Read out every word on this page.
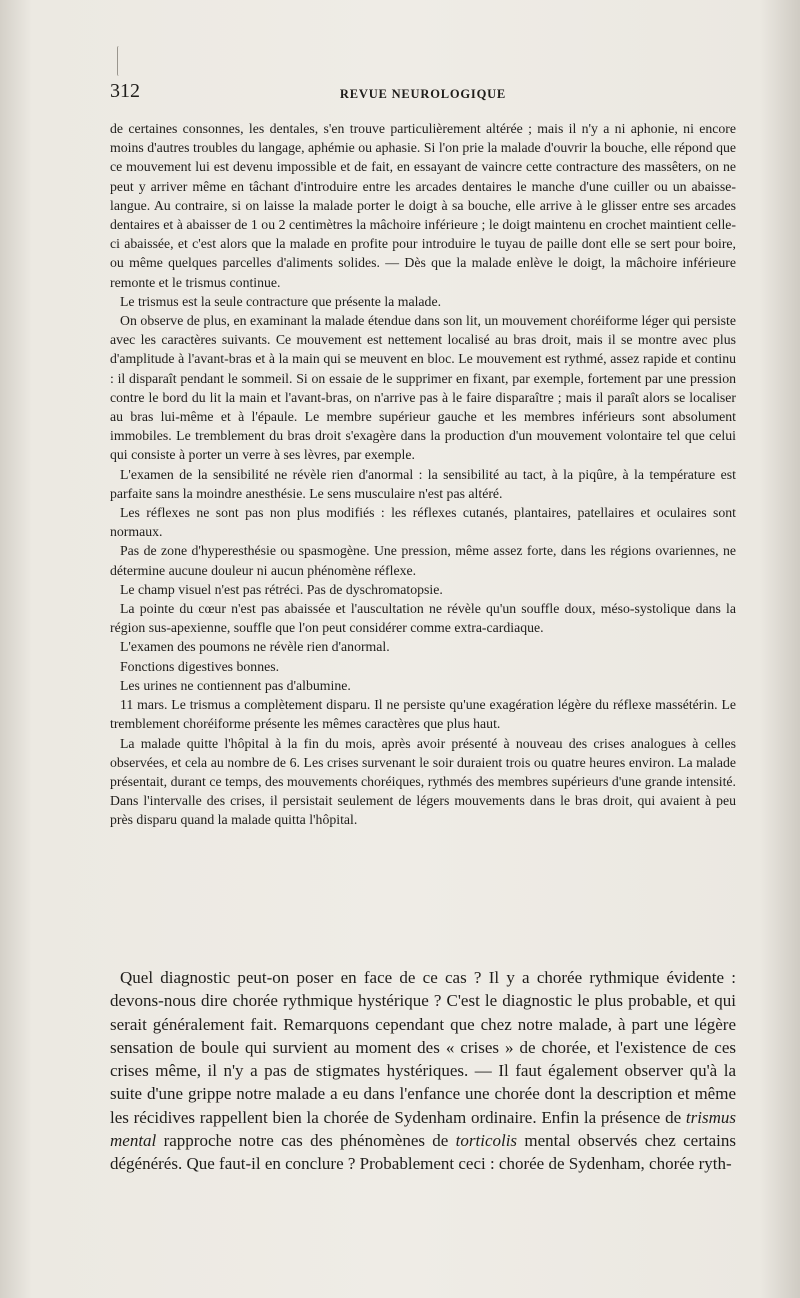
312	REVUE NEUROLOGIQUE

de certaines consonnes, les dentales, s'en trouve particulièrement altérée ; mais il n'y a ni aphonie, ni encore moins d'autres troubles du langage, aphémie ou aphasie. Si l'on prie la malade d'ouvrir la bouche, elle répond que ce mouvement lui est devenu impossible et de fait, en essayant de vaincre cette contracture des massêters, on ne peut y arriver même en tâchant d'introduire entre les arcades dentaires le manche d'une cuiller ou un abaisse-langue. Au contraire, si on laisse la malade porter le doigt à sa bouche, elle arrive à le glisser entre ses arcades dentaires et à abaisser de 1 ou 2 centimètres la mâchoire inférieure ; le doigt maintenu en crochet maintient celle-ci abaissée, et c'est alors que la malade en profite pour introduire le tuyau de paille dont elle se sert pour boire, ou même quelques parcelles d'aliments solides. — Dès que la malade enlève le doigt, la mâchoire inférieure remonte et le trismus continue.

Le trismus est la seule contracture que présente la malade.

On observe de plus, en examinant la malade étendue dans son lit, un mouvement choréiforme léger qui persiste avec les caractères suivants. Ce mouvement est nettement localisé au bras droit, mais il se montre avec plus d'amplitude à l'avant-bras et à la main qui se meuvent en bloc. Le mouvement est rythmé, assez rapide et continu : il disparaît pendant le sommeil. Si on essaie de le supprimer en fixant, par exemple, fortement par une pression contre le bord du lit la main et l'avant-bras, on n'arrive pas à le faire disparaître ; mais il paraît alors se localiser au bras lui-même et à l'épaule. Le membre supérieur gauche et les membres inférieurs sont absolument immobiles. Le tremblement du bras droit s'exagère dans la production d'un mouvement volontaire tel que celui qui consiste à porter un verre à ses lèvres, par exemple.

L'examen de la sensibilité ne révèle rien d'anormal : la sensibilité au tact, à la piqûre, à la température est parfaite sans la moindre anesthésie. Le sens musculaire n'est pas altéré.

Les réflexes ne sont pas non plus modifiés : les réflexes cutanés, plantaires, patellaires et oculaires sont normaux.

Pas de zone d'hyperesthésie ou spasmogène. Une pression, même assez forte, dans les régions ovariennes, ne détermine aucune douleur ni aucun phénomène réflexe.

Le champ visuel n'est pas rétréci. Pas de dyschromatopsie.

La pointe du cœur n'est pas abaissée et l'auscultation ne révèle qu'un souffle doux, méso-systolique dans la région sus-apexienne, souffle que l'on peut considérer comme extra-cardiaque.

L'examen des poumons ne révèle rien d'anormal.

Fonctions digestives bonnes.

Les urines ne contiennent pas d'albumine.

11 mars. Le trismus a complètement disparu. Il ne persiste qu'une exagération légère du réflexe massétérin. Le tremblement choréiforme présente les mêmes caractères que plus haut.

La malade quitte l'hôpital à la fin du mois, après avoir présenté à nouveau des crises analogues à celles observées, et cela au nombre de 6. Les crises survenant le soir duraient trois ou quatre heures environ. La malade présentait, durant ce temps, des mouvements choréiques, rythmés des membres supérieurs d'une grande intensité. Dans l'intervalle des crises, il persistait seulement de légers mouvements dans le bras droit, qui avaient à peu près disparu quand la malade quitta l'hôpital.

Quel diagnostic peut-on poser en face de ce cas ? Il y a chorée rythmique évidente : devons-nous dire chorée rythmique hystérique ? C'est le diagnostic le plus probable, et qui serait généralement fait. Remarquons cependant que chez notre malade, à part une légère sensation de boule qui survient au moment des « crises » de chorée, et l'existence de ces crises même, il n'y a pas de stigmates hystériques. — Il faut également observer qu'à la suite d'une grippe notre malade a eu dans l'enfance une chorée dont la description et même les récidives rappellent bien la chorée de Sydenham ordinaire. Enfin la présence de trismus mental rapproche notre cas des phénomènes de torticolis mental observés chez certains dégénérés. Que faut-il en conclure ? Probablement ceci : chorée de Sydenham, chorée ryth-
